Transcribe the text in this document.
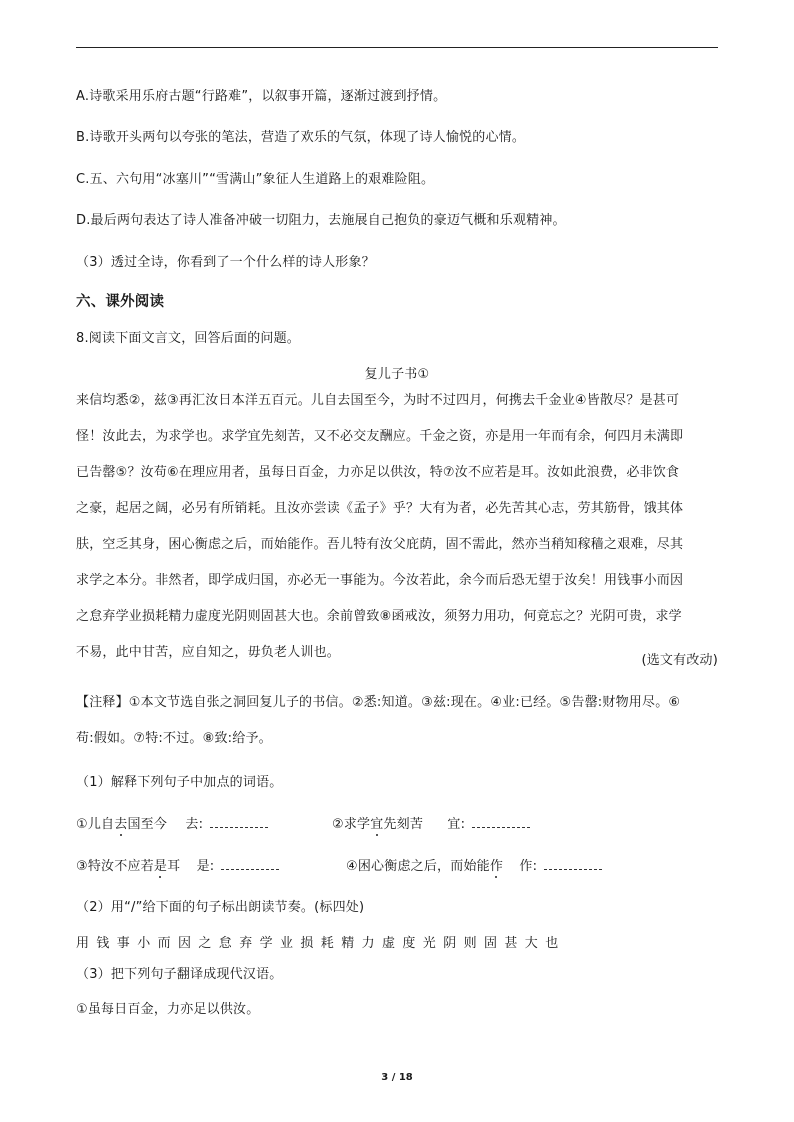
A.诗歌采用乐府古题“行路难”，以叙事开篇，逐渐过渡到抒情。
B.诗歌开头两句以夸张的笔法，营造了欢乐的气氛，体现了诗人愉悦的心情。
C.五、六句用“冰塞川”“雪满山”象征人生道路上的艰难险阻。
D.最后两句表达了诗人准备冲破一切阻力，去施展自己抱负的豪迈气概和乐观精神。
（3）透过全诗，你看到了一个什么样的诗人形象？
六、课外阅读
8.阅读下面文言文，回答后面的问题。
复儿子书①
来信均悉②，兹③再汇汝日本洋五百元。儿自去国至今，为时不过四月，何携去千金业④皆散尽？是甚可
怪！汝此去，为求学也。求学宜先刻苦，又不必交友酬应。千金之资，亦是用一年而有余，何四月未满即
已告罄⑤？汝苟⑥在理应用者，虽每日百金，力亦足以供汝，特⑦汝不应若是耳。汝如此浪费，必非饮食
之豪，起居之阔，必另有所销耗。且汝亦尝读《孟子》乎？大有为者，必先苦其心志，劳其筋骨，饿其体
肤，空乏其身，困心衡虑之后，而始能作。吾儿特有汝父庇荫，固不需此，然亦当稍知稼穑之艰难，尽其
求学之本分。非然者，即学成归国，亦必无一事能为。今汝若此，余今而后恐无望于汝矣！用钱事小而因
之怠弃学业损耗精力虚度光阴则固甚大也。余前曾致⑧函戒汝，须努力用功，何竟忘之？光阴可贵，求学
不易，此中甘苦，应自知之，毋负老人训也。
(选文有改动)
【注释】①本文节选自张之洞回复儿子的书信。②悉:知道。③兹:现在。④业:已经。⑤告罄:财物用尽。⑥
苟:假如。⑦特:不过。⑧致:给予。
（1）解释下列句子中加点的词语。
①儿自去国至今 去:	②求学宜先刻苦 宜:
③特汝不应若是耳 是:	④困心衡虑之后，而始能作 作:
（2）用“/”给下面的句子标出朗读节奏。(标四处)
用钱事小而因之怠弃学业损耗精力虚度光阴则固甚大也
（3）把下列句子翻译成现代汉语。
①虽每日百金，力亦足以供汝。
3 / 18
